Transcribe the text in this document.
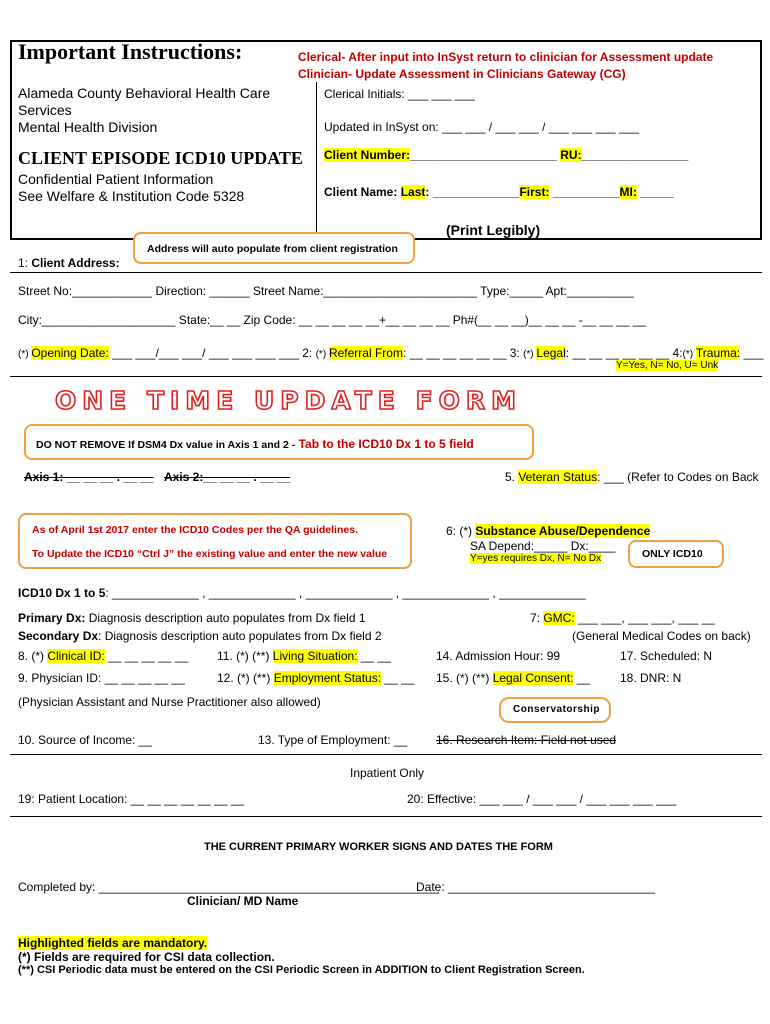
Important Instructions:	Clerical- After input into InSyst return to clinician for Assessment update
Clinician- Update Assessment in Clinicians Gateway (CG)
Alameda County Behavioral Health Care
Services
Mental Health Division
CLIENT EPISODE ICD10 UPDATE
Confidential Patient Information
See Welfare & Institution Code 5328
Clerical Initials: ___ ___ ___
Updated in InSyst on: ___ ___ / ___ ___ / ___ ___ ___ ___
Client Number:______________________ RU:________________
Client Name: Last: _____________First: __________MI: _____
(Print Legibly)
Address will auto populate from client registration
1: Client Address:
Street No:____________ Direction: ______ Street Name:_______________________ Type:_____ Apt:__________
City:____________________ State:__ __ Zip Code: __ __ __ __ __+__ __ __ __ Ph#(__ __ __)__ __ __ -__ __ __ __
(*) Opening Date: ___ ___/___ ___/ ___ ___ ___ ___ 2: (*) Referral From: __ __ __ __ __ __ 3: (*) Legal: __ __ __ __ __ __ 4:(*) Trauma: ___
Y=Yes, N= No, U= Unk
ONE TIME UPDATE FORM
DO NOT REMOVE If DSM4 Dx value in Axis 1 and 2 - Tab to the ICD10 Dx 1 to 5 field
Axis 1: __ __ __ . __ __ Axis 2:__ __ __ . __ __	5. Veteran Status: ___ (Refer to Codes on Back
As of April 1st 2017 enter the ICD10 Codes per the QA guidelines.
To Update the ICD10 “Ctrl J” the existing value and enter the new value
6: (*) Substance Abuse/Dependence
SA Depend:_____ Dx:____
Y=yes requires Dx, N= No Dx	ONLY ICD10
ICD10 Dx 1 to 5: _____________ , _____________ , _____________ , _____________ , _____________
Primary Dx: Diagnosis description auto populates from Dx field 1
Secondary Dx: Diagnosis description auto populates from Dx field 2
7: GMC: ___ ___, ___ ___, ___ __
(General Medical Codes on back)
8. (*) Clinical ID: __ __ __ __ __ 11. (*) (**) Living Situation: __ __	14. Admission Hour: 99	17. Scheduled: N
9. Physician ID: __ __ __ __ __	12. (*) (**) Employment Status: __ __ 15. (*) (**) Legal Consent: __ 18. DNR: N
(Physician Assistant and Nurse Practitioner also allowed)
Conservatorship
10. Source of Income: __	13. Type of Employment: __ 16. Research Item: Field not used
Inpatient Only
19: Patient Location: __ __ __ __ __ __ __	20: Effective: ___ ___ / ___ ___ / ___ ___ ___ ___
THE CURRENT PRIMARY WORKER SIGNS AND DATES THE FORM
Completed by: ___________________________________________________
Date: _______________________________
Clinician/ MD Name
Highlighted fields are mandatory.
(*) Fields are required for CSI data collection.
(**) CSI Periodic data must be entered on the CSI Periodic Screen in ADDITION to Client Registration Screen.
